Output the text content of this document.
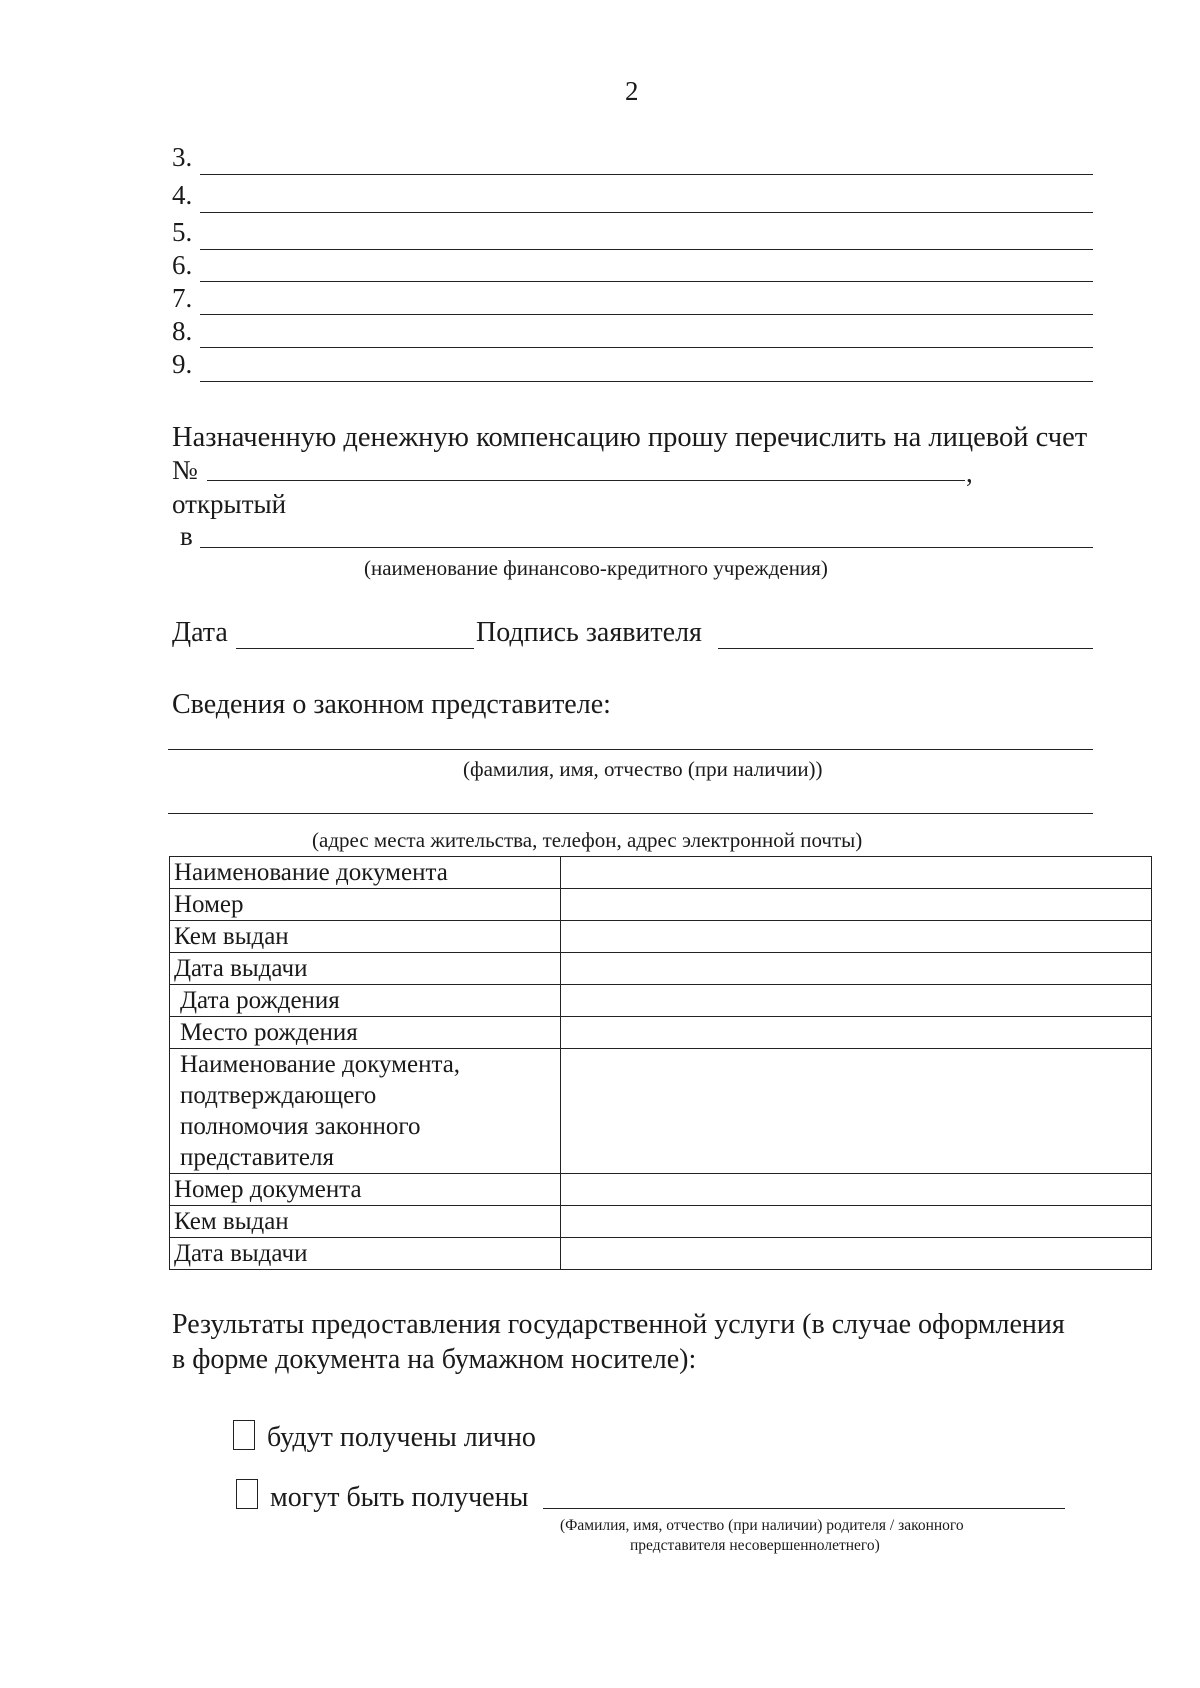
2
3.
4.
5.
6.
7.
8.
9.
Назначенную денежную компенсацию прошу перечислить на лицевой счет
№	,
открытый
в
(наименование финансово-кредитного учреждения)
Дата	Подпись заявителя
Сведения о законном представителе:
(фамилия, имя, отчество (при наличии))
(адрес места жительства, телефон, адрес электронной почты)
Наименование документа	
Номер	
Кем выдан	
Дата выдачи	
Дата рождения	
Место рождения	

Наименование документа,
подтверждающего
полномочия законного
представителя	

Номер документа	
Кем выдан	
Дата выдачи	
Результаты предоставления государственной услуги (в случае оформления
в форме документа на бумажном носителе):
будут получены лично
могут быть получены
(Фамилия, имя, отчество (при наличии) родителя / законного
представителя несовершеннолетнего)
